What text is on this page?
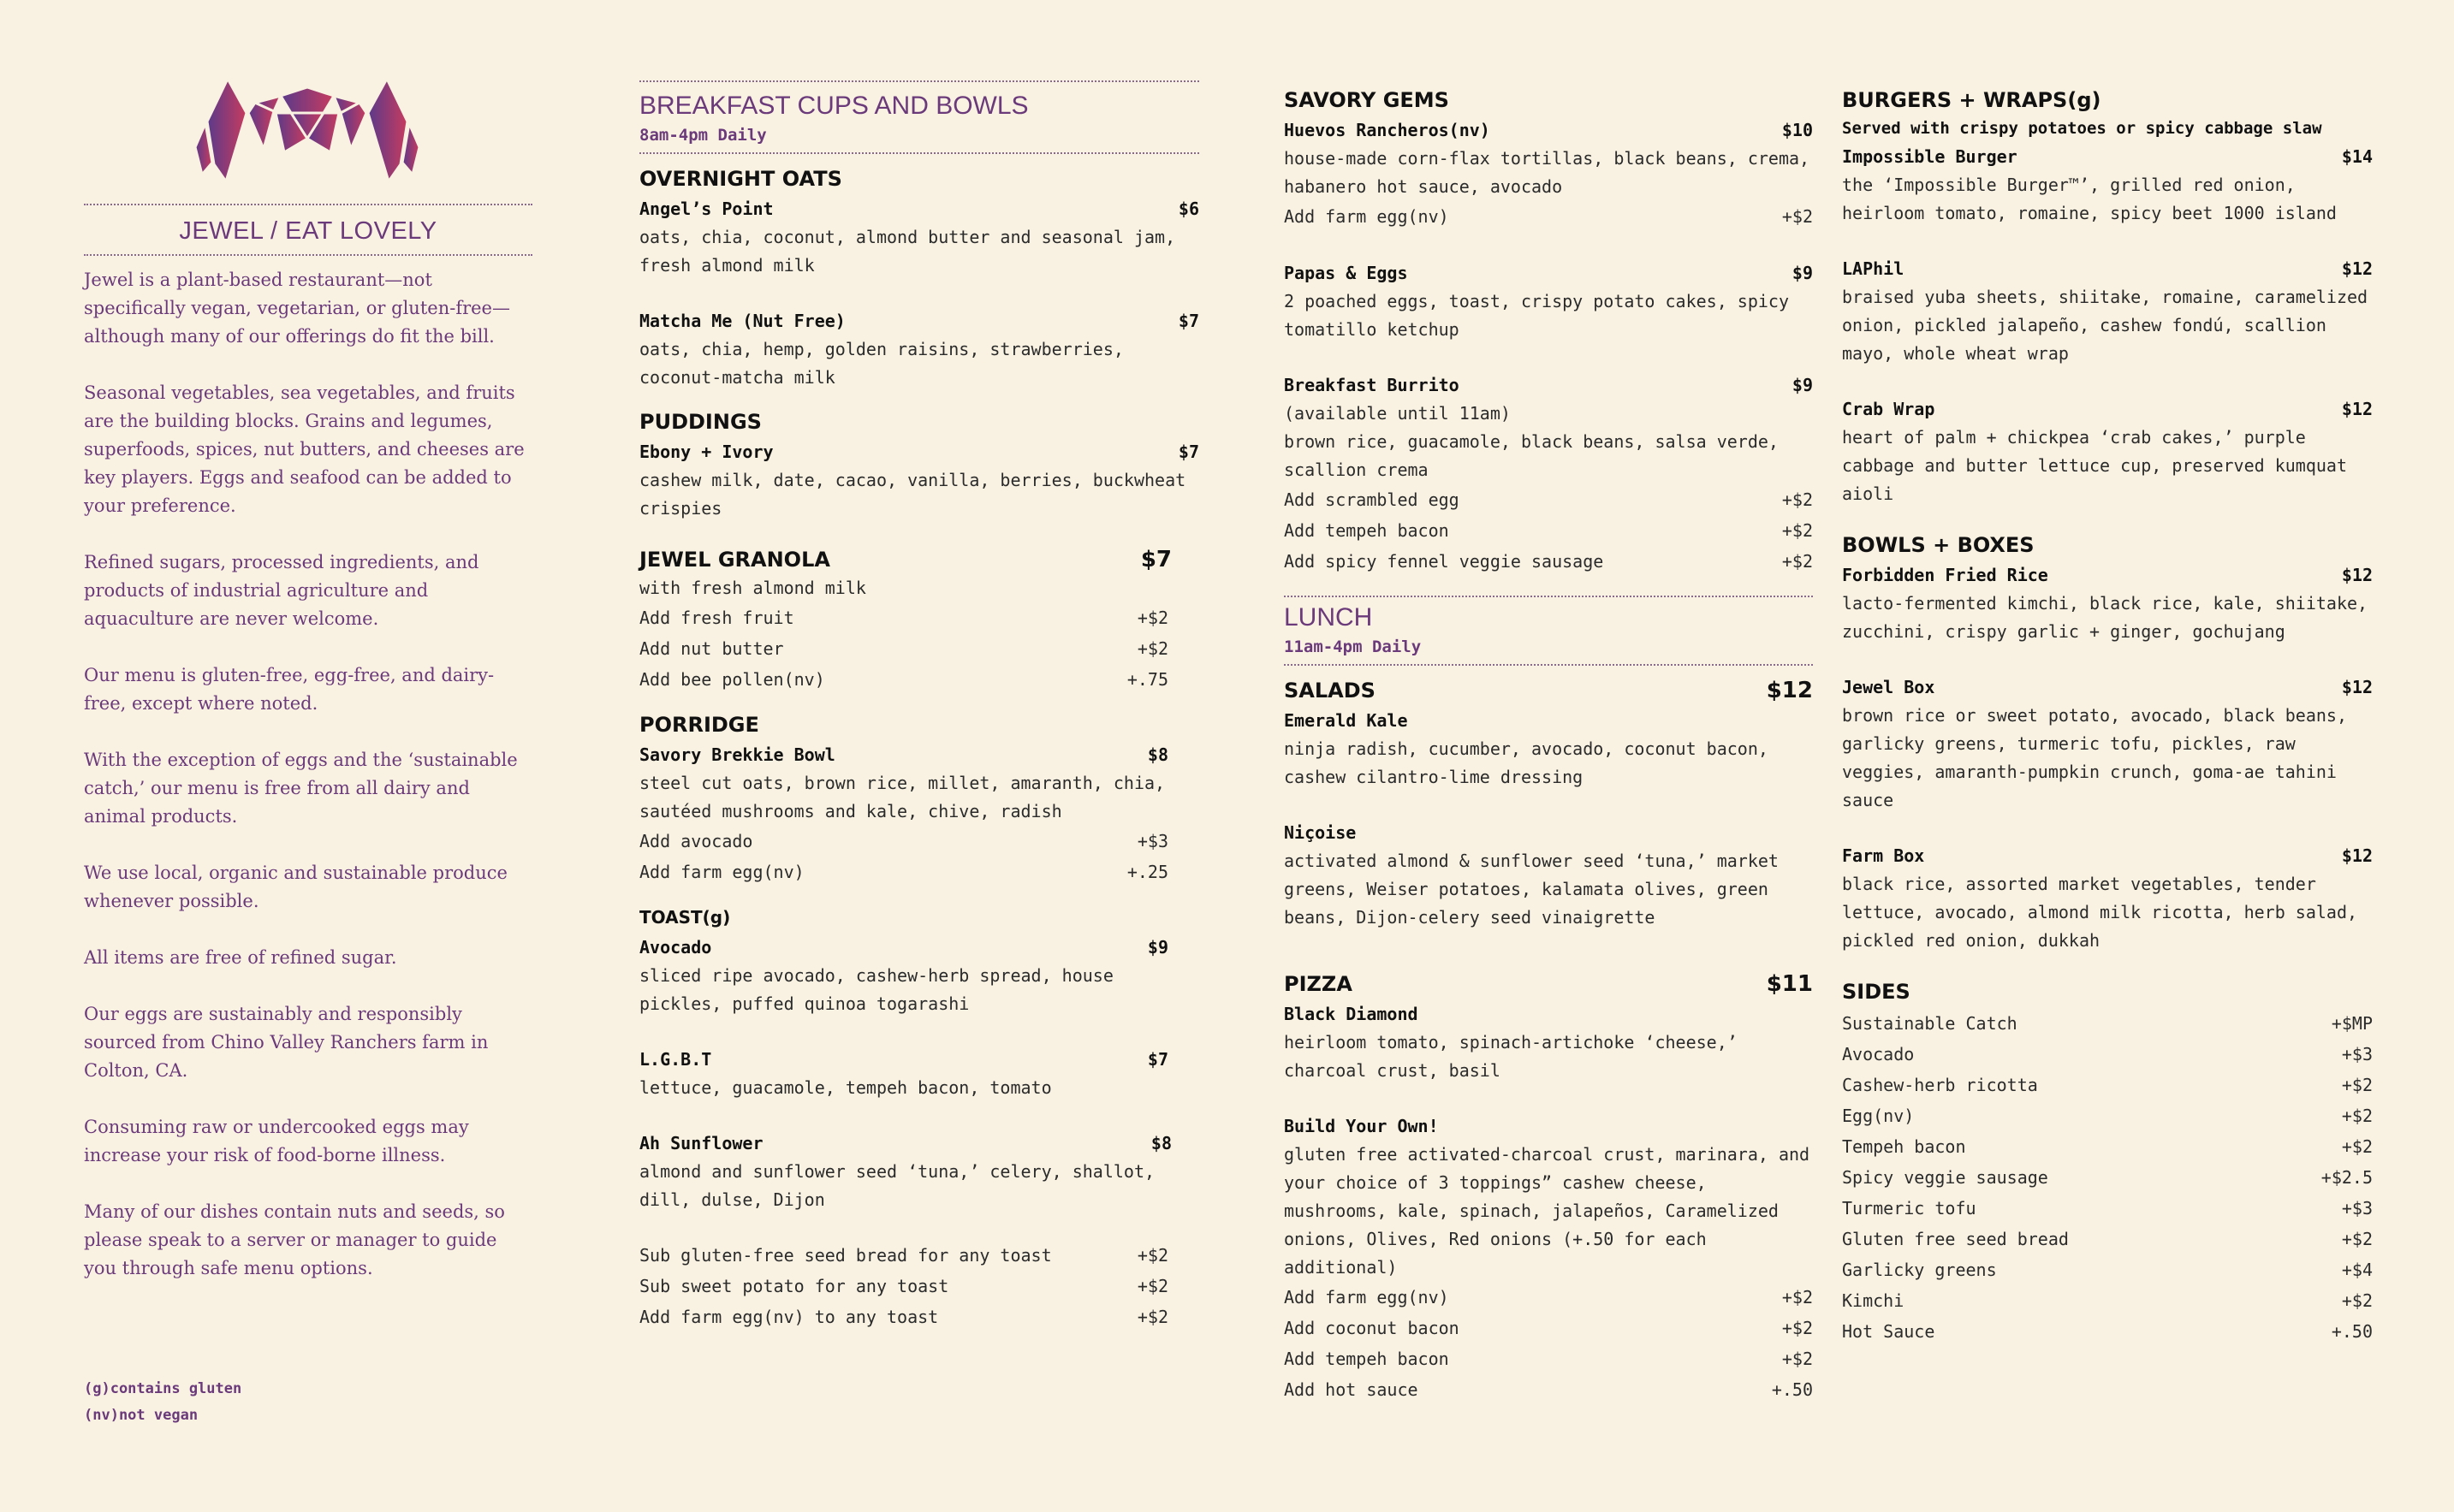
JEWEL / EAT LOVELY

Jewel is a plant-based restaurant—not specifically vegan, vegetarian, or gluten-free—although many of our offerings do fit the bill.

Seasonal vegetables, sea vegetables, and fruits are the building blocks. Grains and legumes, superfoods, spices, nut butters, and cheeses are key players. Eggs and seafood can be added to your preference.

Refined sugars, processed ingredients, and products of industrial agriculture and aquaculture are never welcome.

Our menu is gluten-free, egg-free, and dairy-free, except where noted.

With the exception of eggs and the ‘sustainable catch,’ our menu is free from all dairy and animal products.

We use local, organic and sustainable produce whenever possible.

All items are free of refined sugar.

Our eggs are sustainably and responsibly sourced from Chino Valley Ranchers farm in Colton, CA.

Consuming raw or undercooked eggs may increase your risk of food-borne illness.

Many of our dishes contain nuts and seeds, so please speak to a server or manager to guide you through safe menu options.

(g)contains gluten
(nv)not vegan
BREAKFAST CUPS AND BOWLS
8am-4pm Daily
OVERNIGHT OATS
Angel’s Point	$6
oats, chia, coconut, almond butter and seasonal jam, fresh almond milk
Matcha Me (Nut Free)	$7
oats, chia, hemp, golden raisins, strawberries, coconut-matcha milk
PUDDINGS
Ebony + Ivory	$7
cashew milk, date, cacao, vanilla, berries, buckwheat crispies
JEWEL GRANOLA	$7
with fresh almond milk
Add fresh fruit	+$2
Add nut butter	+$2
Add bee pollen(nv)	+.75
PORRIDGE
Savory Brekkie Bowl	$8
steel cut oats, brown rice, millet, amaranth, chia, sautéed mushrooms and kale, chive, radish
Add avocado	+$3
Add farm egg(nv)	+.25
TOAST(g)
Avocado	$9
sliced ripe avocado, cashew-herb spread, house pickles, puffed quinoa togarashi
L.G.B.T	$7
lettuce, guacamole, tempeh bacon, tomato
Ah Sunflower	$8
almond and sunflower seed ‘tuna,’ celery, shallot, dill, dulse, Dijon
Sub gluten-free seed bread for any toast	+$2
Sub sweet potato for any toast	+$2
Add farm egg(nv) to any toast	+$2
SAVORY GEMS
Huevos Rancheros(nv)	$10
house-made corn-flax tortillas, black beans, crema, habanero hot sauce, avocado
Add farm egg(nv)	+$2
Papas & Eggs	$9
2 poached eggs, toast, crispy potato cakes, spicy tomatillo ketchup
Breakfast Burrito	$9
(available until 11am)
brown rice, guacamole, black beans, salsa verde, scallion crema
Add scrambled egg	+$2
Add tempeh bacon	+$2
Add spicy fennel veggie sausage	+$2
LUNCH
11am-4pm Daily
SALADS	$12
Emerald Kale
ninja radish, cucumber, avocado, coconut bacon, cashew cilantro-lime dressing
Niçoise
activated almond & sunflower seed ‘tuna,’ market greens, Weiser potatoes, kalamata olives, green beans, Dijon-celery seed vinaigrette
PIZZA	$11
Black Diamond
heirloom tomato, spinach-artichoke ‘cheese,’ charcoal crust, basil
Build Your Own!
gluten free activated-charcoal crust, marinara, and your choice of 3 toppings” cashew cheese, mushrooms, kale, spinach, jalapeños, Caramelized onions, Olives, Red onions (+.50 for each additional)
Add farm egg(nv)	+$2
Add coconut bacon	+$2
Add tempeh bacon	+$2
Add hot sauce	+.50
BURGERS + WRAPS(g)
Served with crispy potatoes or spicy cabbage slaw
Impossible Burger	$14
the ‘Impossible Burger™’, grilled red onion, heirloom tomato, romaine, spicy beet 1000 island
LAPhil	$12
braised yuba sheets, shiitake, romaine, caramelized onion, pickled jalapeño, cashew fondú, scallion mayo, whole wheat wrap
Crab Wrap	$12
heart of palm + chickpea ‘crab cakes,’ purple cabbage and butter lettuce cup, preserved kumquat aioli
BOWLS + BOXES
Forbidden Fried Rice	$12
lacto-fermented kimchi, black rice, kale, shiitake, zucchini, crispy garlic + ginger, gochujang
Jewel Box	$12
brown rice or sweet potato, avocado, black beans, garlicky greens, turmeric tofu, pickles, raw veggies, amaranth-pumpkin crunch, goma-ae tahini sauce
Farm Box	$12
black rice, assorted market vegetables, tender lettuce, avocado, almond milk ricotta, herb salad, pickled red onion, dukkah
SIDES
Sustainable Catch	+$MP
Avocado	+$3
Cashew-herb ricotta	+$2
Egg(nv)	+$2
Tempeh bacon	+$2
Spicy veggie sausage	+$2.5
Turmeric tofu	+$3
Gluten free seed bread	+$2
Garlicky greens	+$4
Kimchi	+$2
Hot Sauce	+.50
